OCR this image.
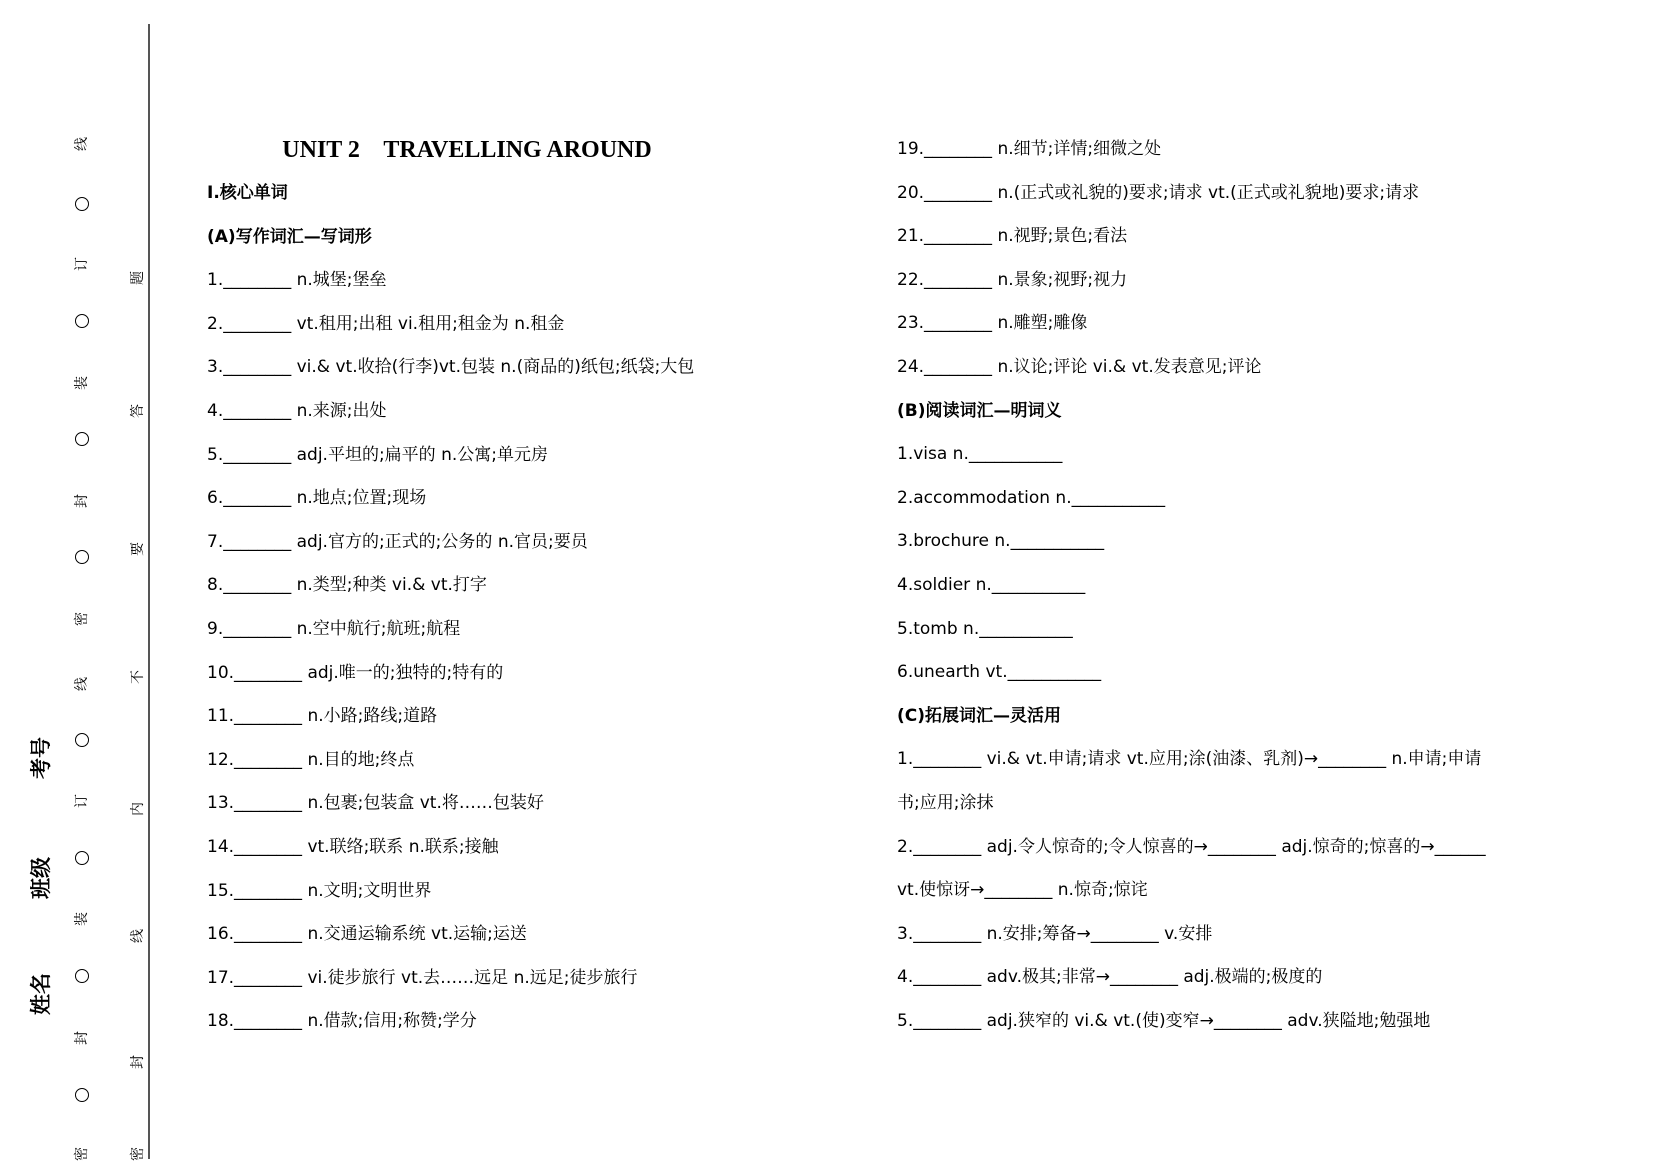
线
订
装
封
密
线
订
装
封
密
题
答
要
不
内
线
封
密
考号
班级
姓名
UNIT 2    TRAVELLING AROUND
I.核心单词
(A)写作词汇—写词形
1.________ n.城堡;堡垒
2.________ vt.租用;出租 vi.租用;租金为 n.租金
3.________ vi.& vt.收拾(行李)vt.包装 n.(商品的)纸包;纸袋;大包
4.________ n.来源;出处
5.________ adj.平坦的;扁平的 n.公寓;单元房
6.________ n.地点;位置;现场
7.________ adj.官方的;正式的;公务的 n.官员;要员
8.________ n.类型;种类 vi.& vt.打字
9.________ n.空中航行;航班;航程
10.________ adj.唯一的;独特的;特有的
11.________ n.小路;路线;道路
12.________ n.目的地;终点
13.________ n.包裹;包装盒 vt.将……包装好
14.________ vt.联络;联系 n.联系;接触
15.________ n.文明;文明世界
16.________ n.交通运输系统 vt.运输;运送
17.________ vi.徒步旅行 vt.去……远足 n.远足;徒步旅行
18.________ n.借款;信用;称赞;学分
19.________ n.细节;详情;细微之处
20.________ n.(正式或礼貌的)要求;请求 vt.(正式或礼貌地)要求;请求
21.________ n.视野;景色;看法
22.________ n.景象;视野;视力
23.________ n.雕塑;雕像
24.________ n.议论;评论 vi.& vt.发表意见;评论
(B)阅读词汇—明词义
1.visa n.___________
2.accommodation n.___________
3.brochure n.___________
4.soldier n.___________
5.tomb n.___________
6.unearth vt.___________
(C)拓展词汇—灵活用
1.________ vi.& vt.申请;请求 vt.应用;涂(油漆、乳剂)→________ n.申请;申请
书;应用;涂抹
2.________ adj.令人惊奇的;令人惊喜的→________ adj.惊奇的;惊喜的→______
vt.使惊讶→________ n.惊奇;惊诧
3.________ n.安排;筹备→________ v.安排
4.________ adv.极其;非常→________ adj.极端的;极度的
5.________ adj.狭窄的 vi.& vt.(使)变窄→________ adv.狭隘地;勉强地
